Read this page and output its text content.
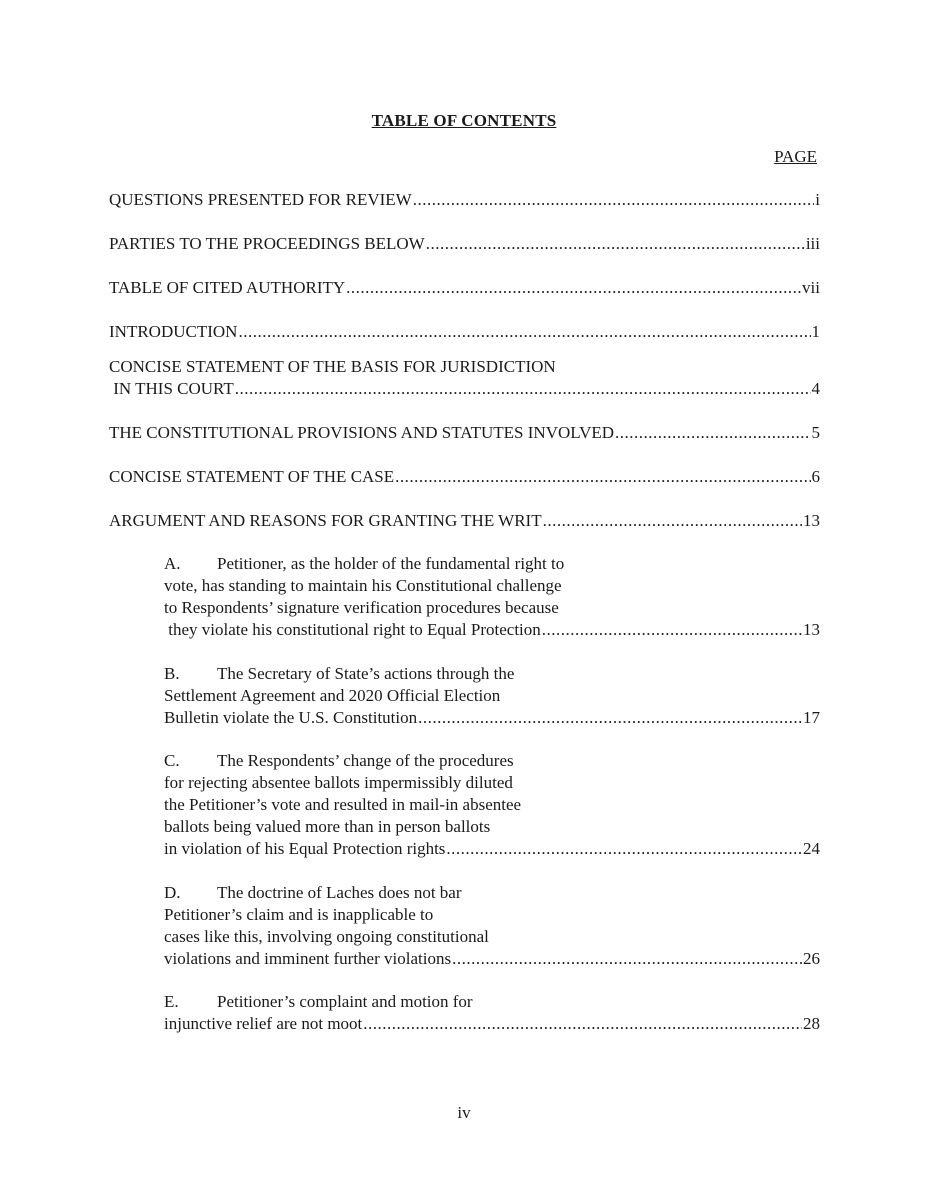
TABLE OF CONTENTS
PAGE
QUESTIONS PRESENTED FOR REVIEW .....	i
PARTIES TO THE PROCEEDINGS BELOW .....	iii
TABLE OF CITED AUTHORITY .....	vii
INTRODUCTION .....	1
CONCISE STATEMENT OF THE BASIS FOR JURISDICTION
IN THIS COURT .....	4
THE CONSTITUTIONAL PROVISIONS AND STATUTES INVOLVED .....	5
CONCISE STATEMENT OF THE CASE .....	6
ARGUMENT AND REASONS FOR GRANTING THE WRIT .....	13
A. Petitioner, as the holder of the fundamental right to
vote, has standing to maintain his Constitutional challenge
to Respondents’ signature verification procedures because
they violate his constitutional right to Equal Protection .....	13
B. The Secretary of State’s actions through the
Settlement Agreement and 2020 Official Election
Bulletin violate the U.S. Constitution .....	17
C. The Respondents’ change of the procedures
for rejecting absentee ballots impermissibly diluted
the Petitioner’s vote and resulted in mail-in absentee
ballots being valued more than in person ballots
in violation of his Equal Protection rights .....	24
D. The doctrine of Laches does not bar
Petitioner’s claim and is inapplicable to
cases like this, involving ongoing constitutional
violations and imminent further violations .....	26
E. Petitioner’s complaint and motion for
injunctive relief are not moot .....	28
iv
